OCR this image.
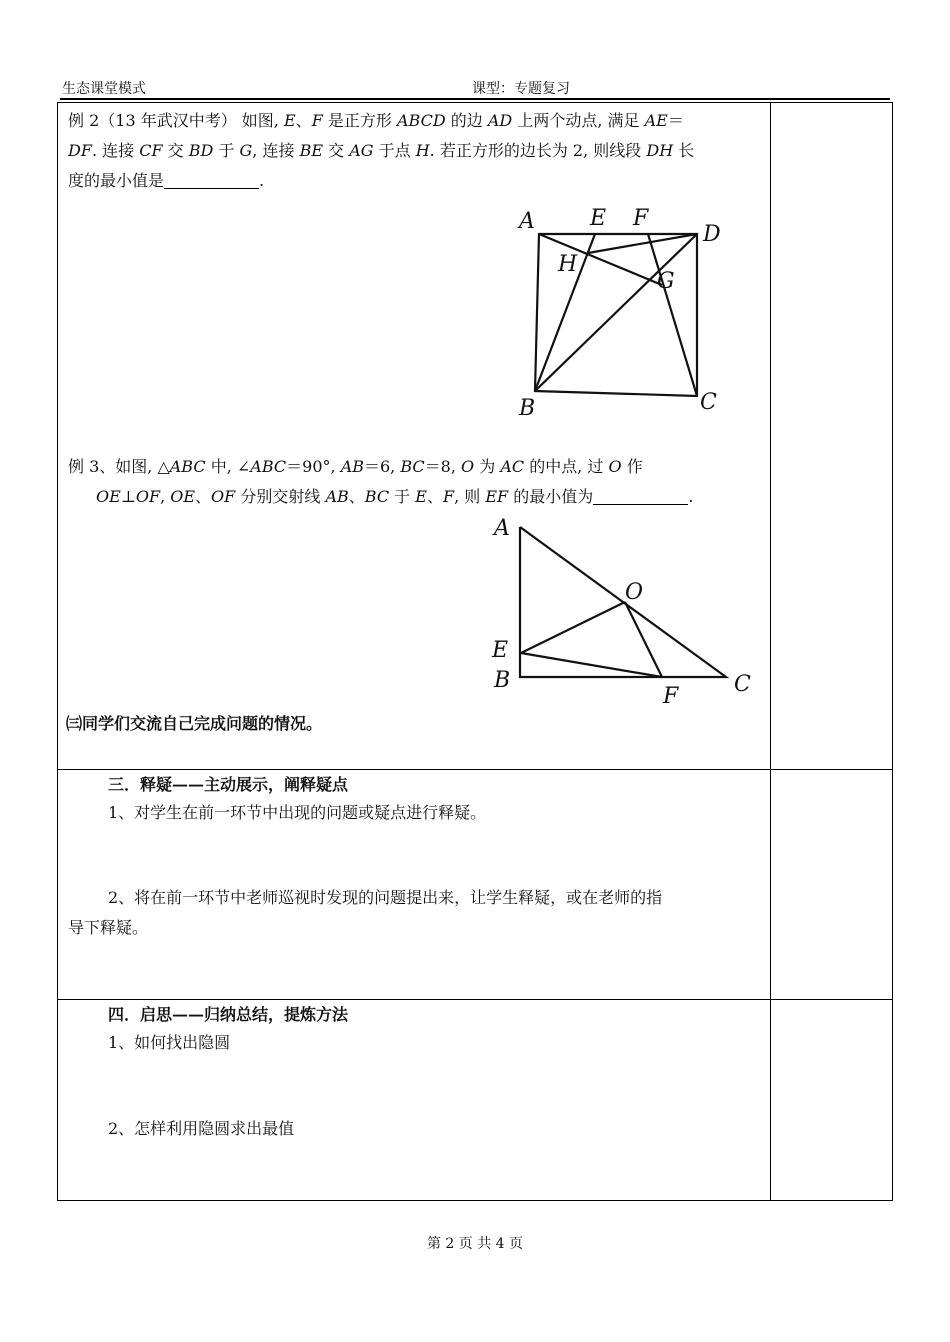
生态课堂模式	课型：专题复习
例 2（13 年武汉中考） 如图, E、F 是正方形 ABCD 的边 AD 上两个动点, 满足 AE＝
DF. 连接 CF 交 BD 于 G, 连接 BE 交 AG 于点 H. 若正方形的边长为 2, 则线段 DH 长
度的最小值是	.
A	E F
D
H
G
B	C
例 3、如图, △ABC 中, ∠ABC＝90°, AB＝6, BC＝8, O 为 AC 的中点, 过 O 作
OE⊥OF, OE、OF 分别交射线 AB、BC 于 E、F, 则 EF 的最小值为	.
A
O
E
B
F	C
㈢同学们交流自己完成问题的情况。
三．释疑——主动展示，阐释疑点
1、对学生在前一环节中出现的问题或疑点进行释疑。
2、将在前一环节中老师巡视时发现的问题提出来，让学生释疑，或在老师的指
导下释疑。
四．启思——归纳总结，提炼方法
1、如何找出隐圆
2、怎样利用隐圆求出最值
第 2 页 共 4 页
